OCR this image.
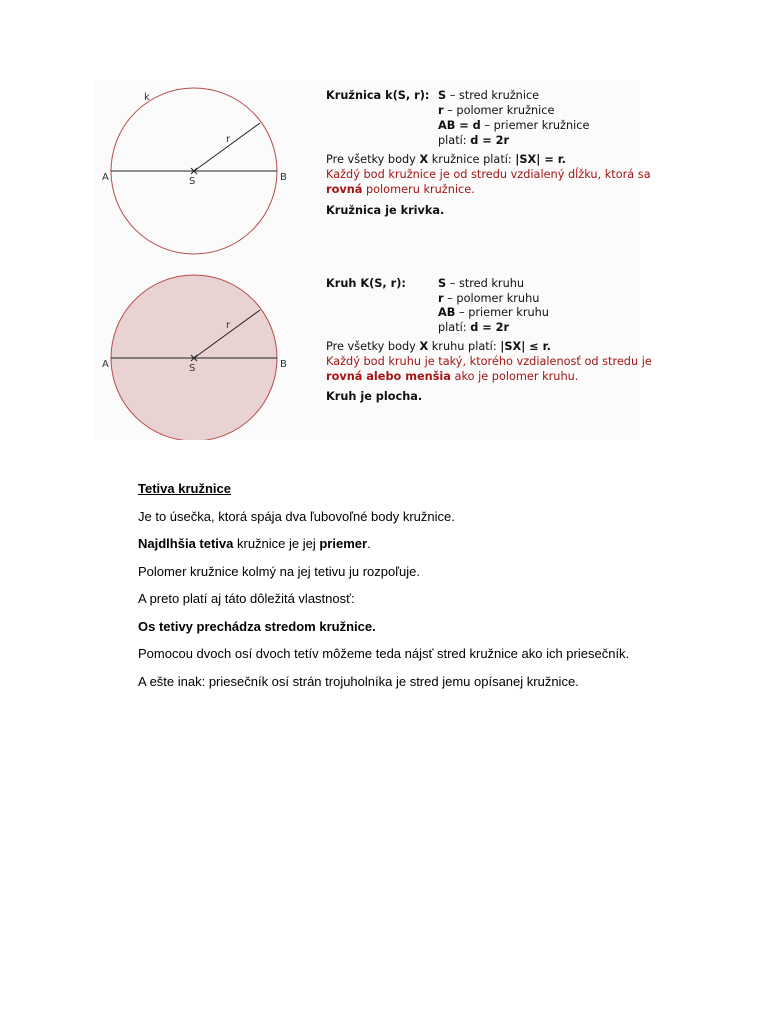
k
r
A	B
S
r
A	B
S
Kružnica k(S, r): S – stred kružnice
r – polomer kružnice
AB = d – priemer kružnice
platí: d = 2r
Pre všetky body X kružnice platí: |SX| = r.
Každý bod kružnice je od stredu vzdialený dĺžku, ktorá sa
rovná polomeru kružnice.
Kružnica je krivka.
Kruh K(S, r):	S – stred kruhu
r – polomer kruhu
AB – priemer kruhu
platí: d = 2r
Pre všetky body X kruhu platí: |SX| ≤ r.
Každý bod kruhu je taký, ktorého vzdialenosť od stredu je
rovná alebo menšia ako je polomer kruhu.
Kruh je plocha.
Tetiva kružnice
Je to úsečka, ktorá spája dva ľubovoľné body kružnice.
Najdlhšia tetiva kružnice je jej priemer.
Polomer kružnice kolmý na jej tetivu ju rozpoľuje.
A preto platí aj táto dôležitá vlastnosť:
Os tetivy prechádza stredom kružnice.
Pomocou dvoch osí dvoch tetív môžeme teda nájsť stred kružnice ako ich priesečník.
A ešte inak: priesečník osí strán trojuholníka je stred jemu opísanej kružnice.
